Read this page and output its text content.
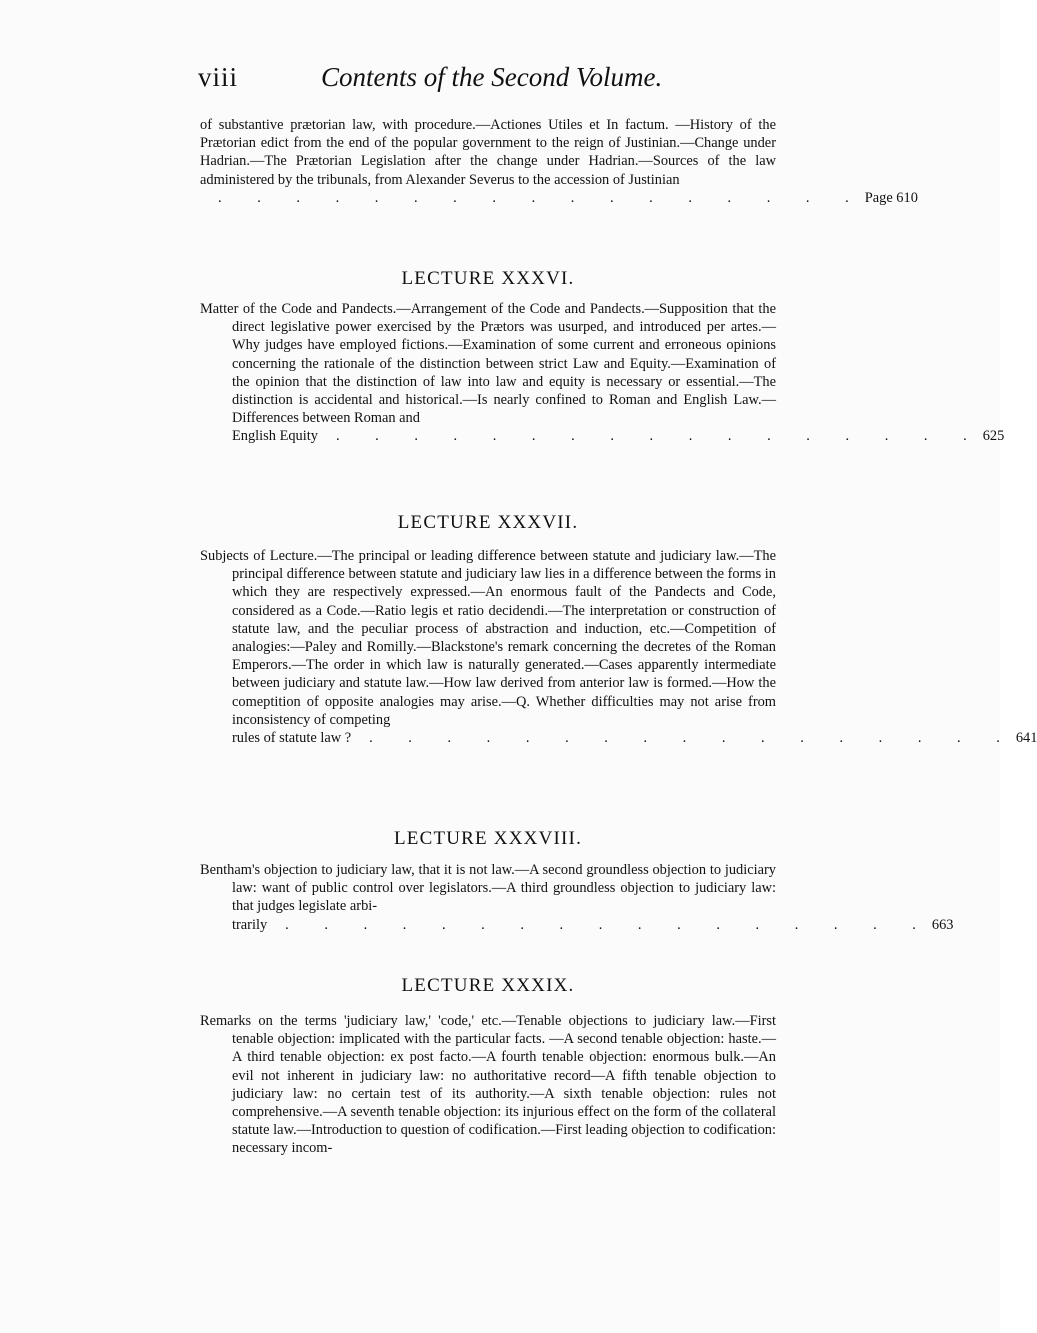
viii	Contents of the Second Volume.

of substantive prætorian law, with procedure.—Actiones Utiles et In factum. —History of the Prætorian edict from the end of the popular government to the reign of Justinian.—Change under Hadrian.—The Prætorian Legislation after the change under Hadrian.—Sources of the law administered by the tribunals, from Alexander Severus to the accession of Justinian

. . . . . . . . . . . . . . . . . Page 610
LECTURE XXXVI.

Matter of the Code and Pandects.—Arrangement of the Code and Pandects.—Supposition that the direct legislative power exercised by the Prætors was usurped, and introduced per artes.—Why judges have employed fictions.—Examination of some current and erroneous opinions concerning the rationale of the distinction between strict Law and Equity.—Examination of the opinion that the distinction of law into law and equity is necessary or essential.—The distinction is accidental and historical.—Is nearly confined to Roman and English Law.—Differences between Roman and

English Equity	. . . . . . . . . . . . . . . . . 625
LECTURE XXXVII.

Subjects of Lecture.—The principal or leading difference between statute and judiciary law.—The principal difference between statute and judiciary law lies in a difference between the forms in which they are respectively expressed.—An enormous fault of the Pandects and Code, considered as a Code.—Ratio legis et ratio decidendi.—The interpretation or construction of statute law, and the peculiar process of abstraction and induction, etc.—Competition of analogies:—Paley and Romilly.—Blackstone's remark concerning the decretes of the Roman Emperors.—The order in which law is naturally generated.—Cases apparently intermediate between judiciary and statute law.—How law derived from anterior law is formed.—How the comeptition of opposite analogies may arise.—Q. Whether difficulties may not arise from inconsistency of competing

rules of statute law ?	. . . . . . . . . . . . . . . . . 641
LECTURE XXXVIII.

Bentham's objection to judiciary law, that it is not law.—A second groundless objection to judiciary law: want of public control over legislators.—A third groundless objection to judiciary law: that judges legislate arbi-

trarily	. . . . . . . . . . . . . . . . . 663
LECTURE XXXIX.

Remarks on the terms 'judiciary law,' 'code,' etc.—Tenable objections to judiciary law.—First tenable objection: implicated with the particular facts. —A second tenable objection: haste.—A third tenable objection: ex post facto.—A fourth tenable objection: enormous bulk.—An evil not inherent in judiciary law: no authoritative record—A fifth tenable objection to judiciary law: no certain test of its authority.—A sixth tenable objection: rules not comprehensive.—A seventh tenable objection: its injurious effect on the form of the collateral statute law.—Introduction to question of codification.—First leading objection to codification: necessary incom-
